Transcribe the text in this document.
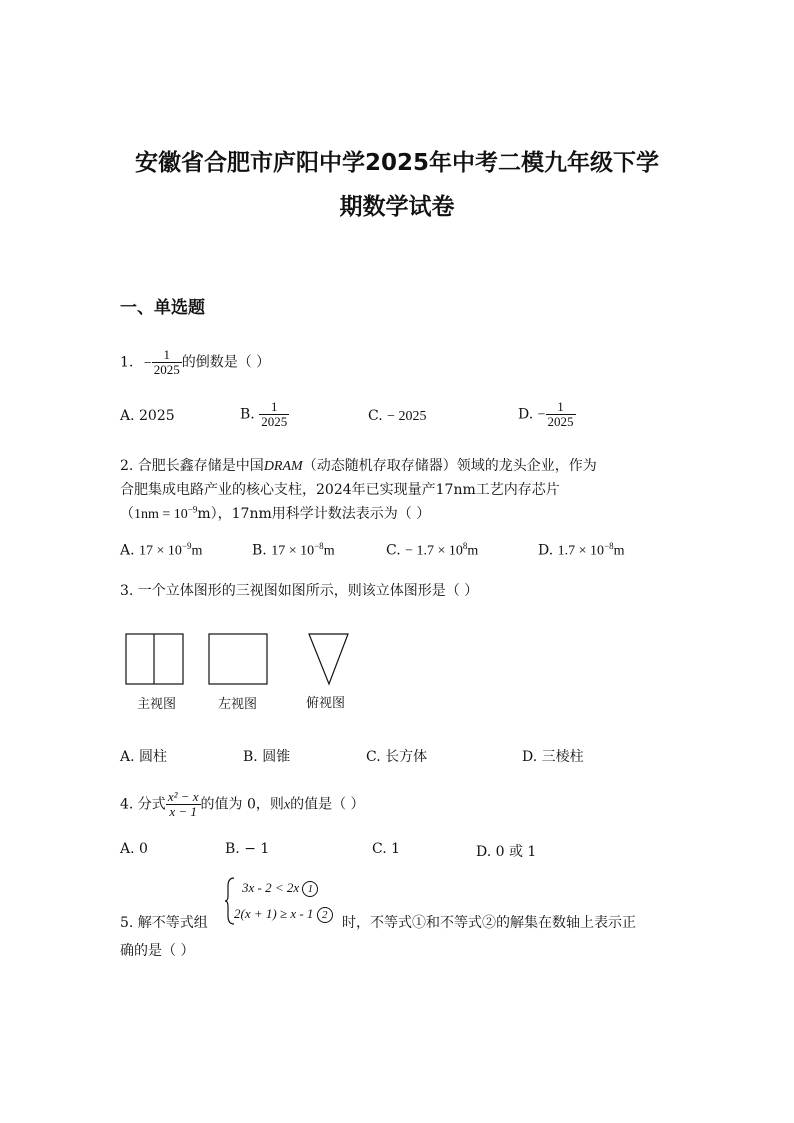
安徽省合肥市庐阳中学2025年中考二模九年级下学
期数学试卷
一、单选题
1. − $\frac{1}{2025}$ 的倒数是（ ）
A. 2025	B. $\frac{1}{2025}$	C. − 2025	D. − $\frac{1}{2025}$
2. 合肥长鑫存储是中国DRAM（动态随机存取存储器）领域的龙头企业，作为
合肥集成电路产业的核心支柱，2024年已实现量产17nm工艺内存芯片
$(1nm = 10^{-9}m)$，17nm用科学计数法表示为（ ）
A. $17 \times 10^{-9}m$	B. $17 \times 10^{-8}m$	C. − $1.7 \times 10^8m$	D. $1.7 \times 10^{-8}m$
3. 一个立体图形的三视图如图所示，则该立体图形是（ ）
主视图	左视图	俯视图
A. 圆柱	B. 圆锥	C. 长方体	D. 三棱柱
4. 分式 $\frac{\text{x² − x}}{x - 1}$ 的值为 0，则x的值是（ ）
A. 0	B. − 1	C. 1	D. 0 或 1
3x - 2 < 2x 1
2(x + 1) ≥ x - 1 2
5. 解不等式组	时，不等式①和不等式②的解集在数轴上表示正
确的是（ ）
